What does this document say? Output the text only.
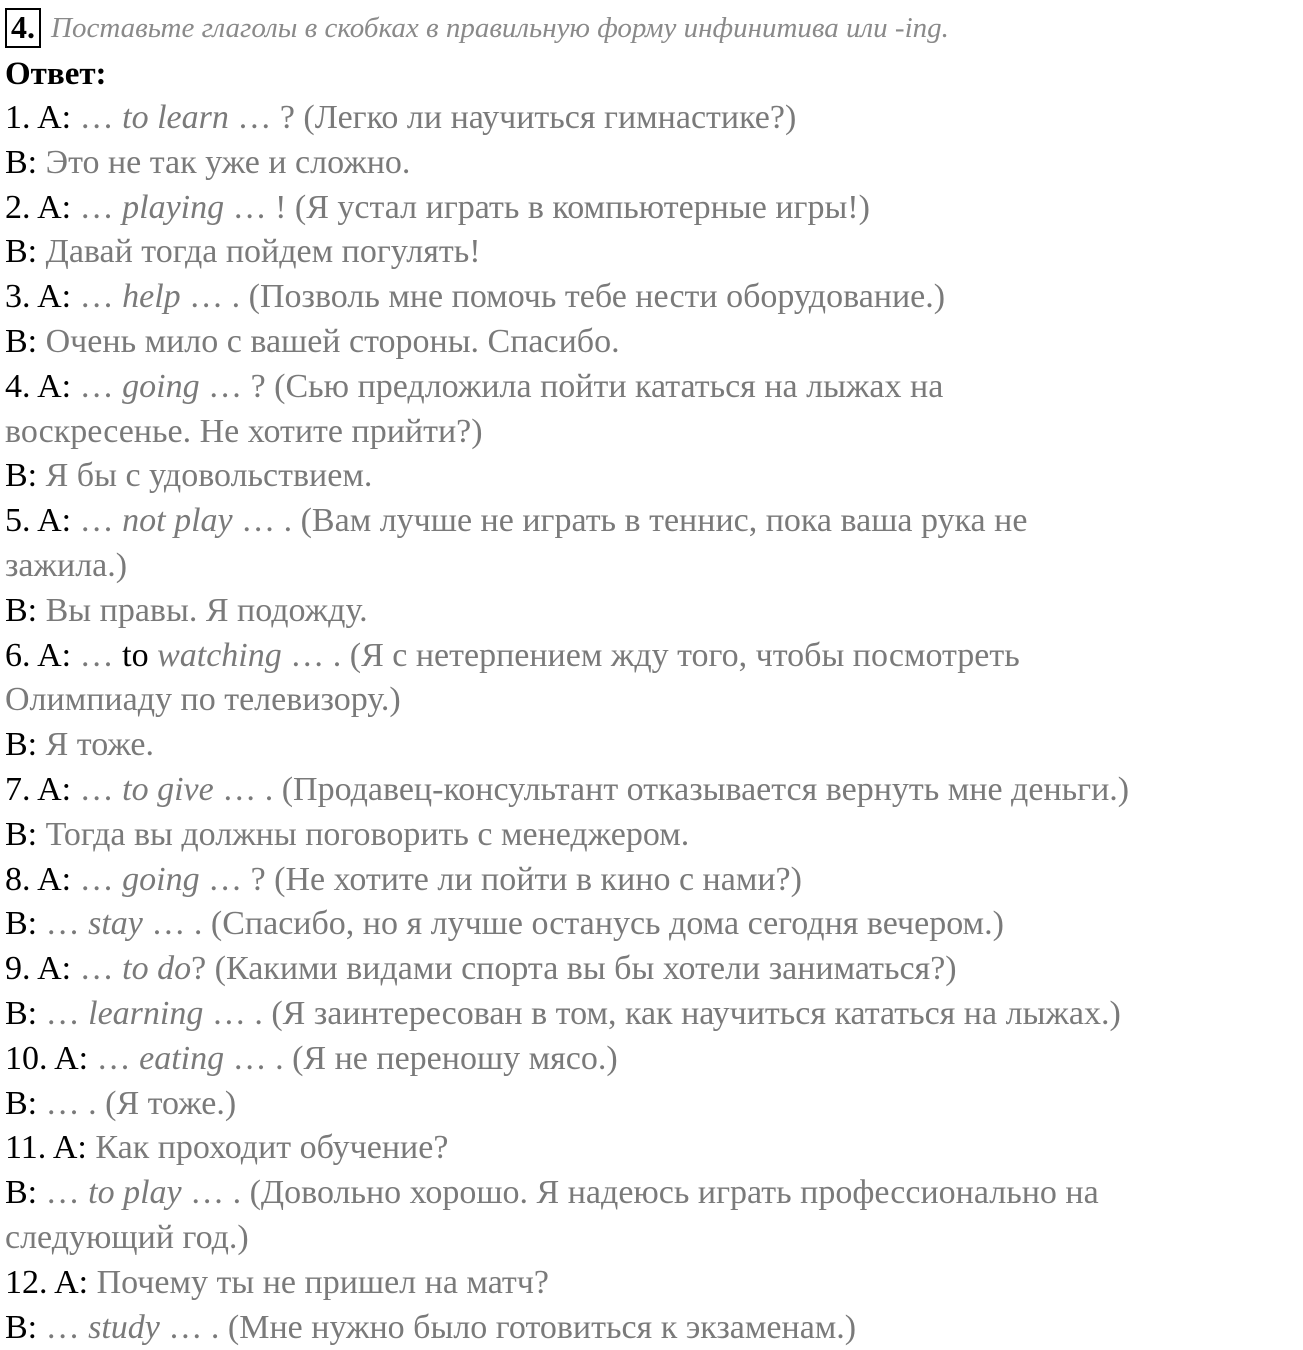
4. Поставьте глаголы в скобках в правильную форму инфинитива или -ing.
Ответ:
1. A: … to learn … ? (Легко ли научиться гимнастике?)
B: Это не так уже и сложно.
2. A: … playing … ! (Я устал играть в компьютерные игры!)
B: Давай тогда пойдем погулять!
3. A: … help … . (Позволь мне помочь тебе нести оборудование.)
B: Очень мило с вашей стороны. Спасибо.
4. A: … going … ? (Сью предложила пойти кататься на лыжах на
воскресенье. Не хотите прийти?)
B: Я бы с удовольствием.
5. A: … not play … . (Вам лучше не играть в теннис, пока ваша рука не
зажила.)
B: Вы правы. Я подожду.
6. A: … to watching … . (Я с нетерпением жду того, чтобы посмотреть
Олимпиаду по телевизору.)
B: Я тоже.
7. A: … to give … . (Продавец-консультант отказывается вернуть мне деньги.)
B: Тогда вы должны поговорить с менеджером.
8. A: … going … ? (Не хотите ли пойти в кино с нами?)
B: … stay … . (Спасибо, но я лучше останусь дома сегодня вечером.)
9. A: … to do? (Какими видами спорта вы бы хотели заниматься?)
B: … learning … . (Я заинтересован в том, как научиться кататься на лыжах.)
10. A: … eating … . (Я не переношу мясо.)
B: … . (Я тоже.)
11. A: Как проходит обучение?
B: … to play … . (Довольно хорошо. Я надеюсь играть профессионально на
следующий год.)
12. A: Почему ты не пришел на матч?
B: … study … . (Мне нужно было готовиться к экзаменам.)
